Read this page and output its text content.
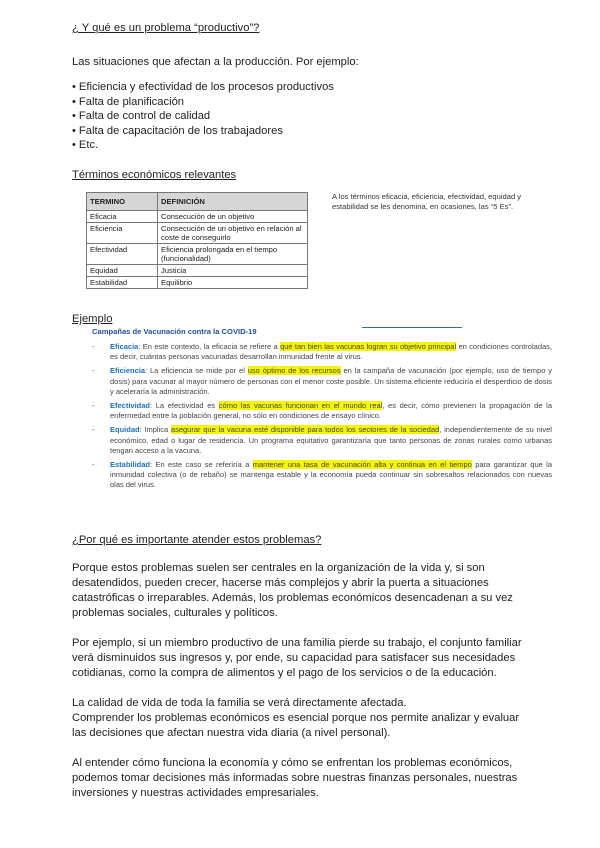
¿ Y qué es un problema “productivo”?
Las situaciones que afectan a la producción. Por ejemplo:
• Eficiencia y efectividad de los procesos productivos
• Falta de planificación
• Falta de control de calidad
• Falta de capacitación de los trabajadores
• Etc.
Términos económicos relevantes
TERMINO	DEFINICIÓN
Eficacia	Consecución de un objetivo
Eficiencia	Consecución de un objetivo en relación al coste de conseguirlo
Efectividad	Eficiencia prolongada en el tiempo (funcionalidad)
Equidad	Justicia
Estabilidad	Equilibrio
A los términos eficacia, eficiencia, efectividad, equidad y estabilidad se les denomina, en ocasiones, las “5 Es”.
Ejemplo
Campañas de Vacunación contra la COVID-19
- Eficacia: En este contexto, la eficacia se refiere a qué tan bien las vacunas logran su objetivo principal en condiciones controladas, es decir, cuántas personas vacunadas desarrollan inmunidad frente al virus.
- Eficiencia: La eficiencia se mide por el uso óptimo de los recursos en la campaña de vacunación (por ejemplo, uso de tiempo y dosis) para vacunar al mayor número de personas con el menor coste posible. Un sistema eficiente reduciría el desperdicio de dosis y aceleraría la administración.
- Efectividad: La efectividad es cómo las vacunas funcionan en el mundo real, es decir, cómo previenen la propagación de la enfermedad entre la población general, no sólo en condiciones de ensayo clínico.
- Equidad: Implica asegurar que la vacuna esté disponible para todos los sectores de la sociedad, independientemente de su nivel económico, edad o lugar de residencia. Un programa equitativo garantizaría que tanto personas de zonas rurales como urbanas tengan acceso a la vacuna.
- Estabilidad: En este caso se referiría a mantener una tasa de vacunación alta y continua en el tiempo para garantizar que la inmunidad colectiva (o de rebaño) se mantenga estable y la economía pueda continuar sin sobresaltos relacionados con nuevas olas del virus.
¿Por qué es importante atender estos problemas?

Porque estos problemas suelen ser centrales en la organización de la vida y, si son desatendidos, pueden crecer, hacerse más complejos y abrir la puerta a situaciones catastróficas o irreparables. Además, los problemas económicos desencadenan a su vez problemas sociales, culturales y políticos.

Por ejemplo, si un miembro productivo de una familia pierde su trabajo, el conjunto familiar verá disminuidos sus ingresos y, por ende, su capacidad para satisfacer sus necesidades cotidianas, como la compra de alimentos y el pago de los servicios o de la educación.

La calidad de vida de toda la familia se verá directamente afectada.

Comprender los problemas económicos es esencial porque nos permite analizar y evaluar las decisiones que afectan nuestra vida diaria (a nivel personal).

Al entender cómo funciona la economía y cómo se enfrentan los problemas económicos, podemos tomar decisiones más informadas sobre nuestras finanzas personales, nuestras inversiones y nuestras actividades empresariales.
